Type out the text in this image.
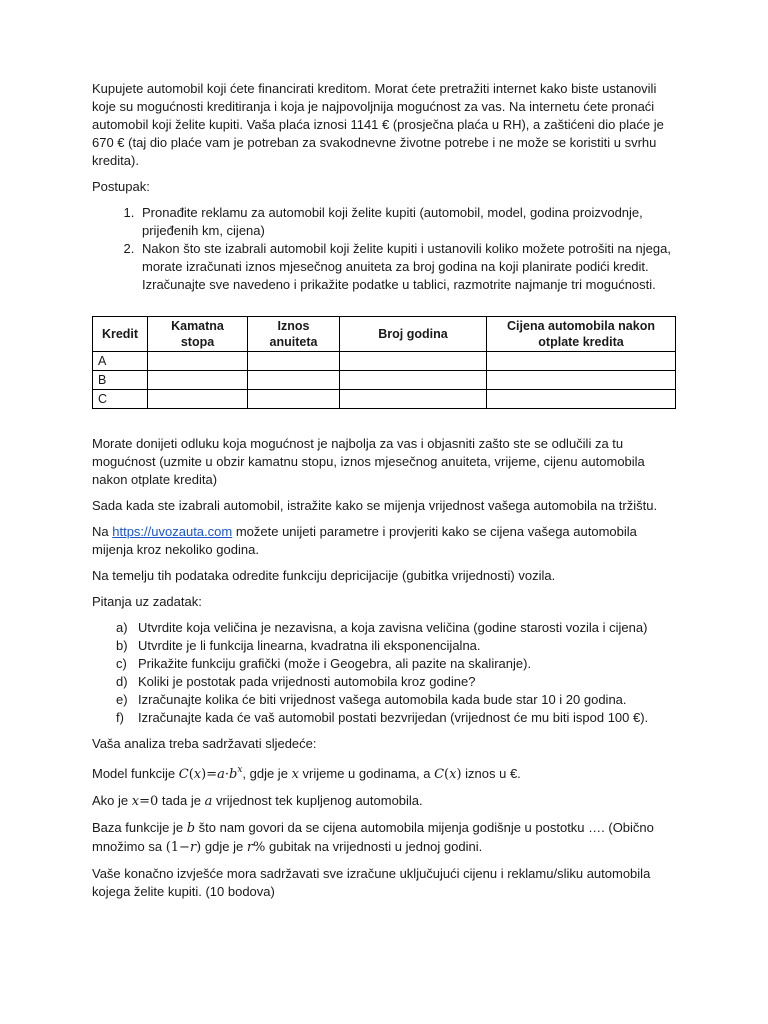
Kupujete automobil koji ćete financirati kreditom. Morat ćete pretražiti internet kako biste ustanovili koje su mogućnosti kreditiranja i koja je najpovoljnija mogućnost za vas. Na internetu ćete pronaći automobil koji želite kupiti. Vaša plaća iznosi 1141 € (prosječna plaća u RH), a zaštićeni dio plaće je 670 € (taj dio plaće vam je potreban za svakodnevne životne potrebe i ne može se koristiti u svrhu kredita).

Postupak:

1. Pronađite reklamu za automobil koji želite kupiti (automobil, model, godina proizvodnje, prijeđenih km, cijena)
2. Nakon što ste izabrali automobil koji želite kupiti i ustanovili koliko možete potrošiti na njega, morate izračunati iznos mjesečnog anuiteta za broj godina na koji planirate podići kredit. Izračunajte sve navedeno i prikažite podatke u tablici, razmotrite najmanje tri mogućnosti.
Kredit	Kamatna stopa	Iznos anuiteta	Broj godina	Cijena automobila nakon otplate kredita
A				
B				
C				

Morate donijeti odluku koja mogućnost je najbolja za vas i objasniti zašto ste se odlučili za tu mogućnost (uzmite u obzir kamatnu stopu, iznos mjesečnog anuiteta, vrijeme, cijenu automobila nakon otplate kredita)

Sada kada ste izabrali automobil, istražite kako se mijenja vrijednost vašega automobila na tržištu.

Na https://uvozauta.com možete unijeti parametre i provjeriti kako se cijena vašega automobila mijenja kroz nekoliko godina.

Na temelju tih podataka odredite funkciju depricijacije (gubitka vrijednosti) vozila.

Pitanja uz zadatak:

a) Utvrdite koja veličina je nezavisna, a koja zavisna veličina (godine starosti vozila i cijena)
b) Utvrdite je li funkcija linearna, kvadratna ili eksponencijalna.
c) Prikažite funkciju grafički (može i Geogebra, ali pazite na skaliranje).
d) Koliki je postotak pada vrijednosti automobila kroz godine?
e) Izračunajte kolika će biti vrijednost vašega automobila kada bude star 10 i 20 godina.
f)	Izračunajte kada će vaš automobil postati bezvrijedan (vrijednost će mu biti ispod 100 €).

Vaša analiza treba sadržavati sljedeće:

Model funkcije $C(x)=a\cdot b^x$, gdje je x vrijeme u godinama, a C(x) iznos u €.

Ako je x=0 tada je a vrijednost tek kupljenog automobila.

Baza funkcije je b što nam govori da se cijena automobila mijenja godišnje u postotku …. (Obično množimo sa (1−r) gdje je r% gubitak na vrijednosti u jednoj godini.

Vaše konačno izvješće mora sadržavati sve izračune uključujući cijenu i reklamu/sliku automobila kojega želite kupiti. (10 bodova)
